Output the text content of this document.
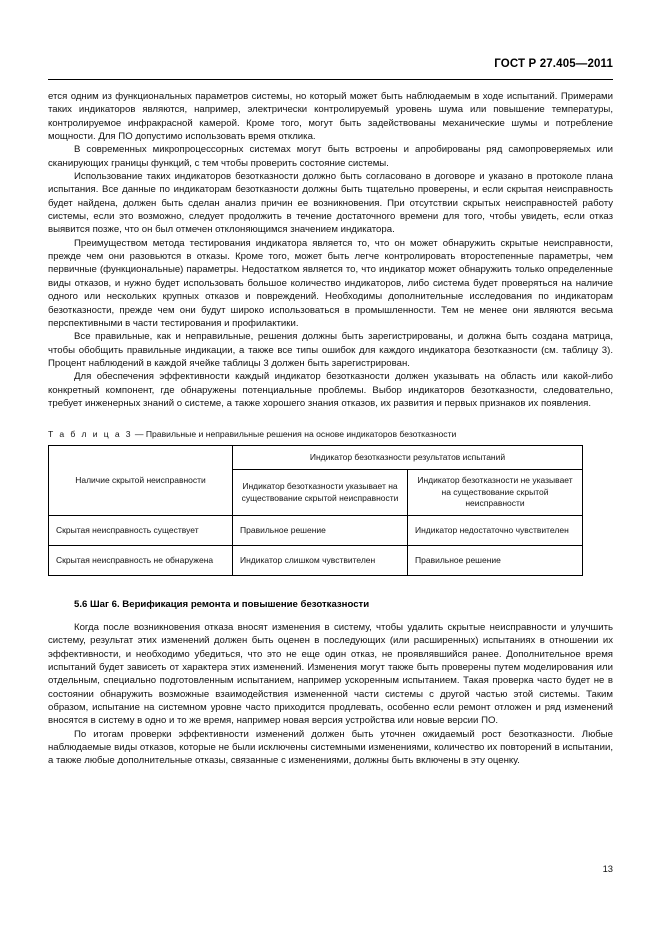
ГОСТ Р 27.405—2011

ется одним из функциональных параметров системы, но который может быть наблюдаемым в ходе испытаний. Примерами таких индикаторов являются, например, электрически контролируемый уровень шума или повышение температуры, контролируемое инфракрасной камерой. Кроме того, могут быть задействованы механические шумы и потребление мощности. Для ПО допустимо использовать время отклика.

В современных микропроцессорных системах могут быть встроены и апробированы ряд самопроверяемых или сканирующих границы функций, с тем чтобы проверить состояние системы.

Использование таких индикаторов безотказности должно быть согласовано в договоре и указано в протоколе плана испытания. Все данные по индикаторам безотказности должны быть тщательно проверены, и если скрытая неисправность будет найдена, должен быть сделан анализ причин ее возникновения. При отсутствии скрытых неисправностей работу системы, если это возможно, следует продолжить в течение достаточного времени для того, чтобы увидеть, если отказ выявится позже, что он был отмечен отклоняющимся значением индикатора.

Преимуществом метода тестирования индикатора является то, что он может обнаружить скрытые неисправности, прежде чем они разовьются в отказы. Кроме того, может быть легче контролировать второстепенные параметры, чем первичные (функциональные) параметры. Недостатком является то, что индикатор может обнаружить только определенные виды отказов, и нужно будет использовать большое количество индикаторов, либо система будет проверяться на наличие одного или нескольких крупных отказов и повреждений. Необходимы дополнительные исследования по индикаторам безотказности, прежде чем они будут широко использоваться в промышленности. Тем не менее они являются весьма перспективными в части тестирования и профилактики.

Все правильные, как и неправильные, решения должны быть зарегистрированы, и должна быть создана матрица, чтобы обобщить правильные индикации, а также все типы ошибок для каждого индикатора безотказности (см. таблицу 3). Процент наблюдений в каждой ячейке таблицы 3 должен быть зарегистрирован.

Для обеспечения эффективности каждый индикатор безотказности должен указывать на область или какой-либо конкретный компонент, где обнаружены потенциальные проблемы. Выбор индикаторов безотказности, следовательно, требует инженерных знаний о системе, а также хорошего знания отказов, их развития и первых признаков их появления.

Т а б л и ц а 3 — Правильные и неправильные решения на основе индикаторов безотказности
Наличие скрытой неисправности	Индикатор безотказности результатов испытаний	
	Индикатор безотказности указывает на существование скрытой неисправности	Индикатор безотказности не указывает на существование скрытой неисправности
Скрытая неисправность существует	Правильное решение	Индикатор недостаточно чувствителен
Скрытая неисправность не обнаружена	Индикатор слишком чувствителен	Правильное решение
5.6 Шаг 6. Верификация ремонта и повышение безотказности

Когда после возникновения отказа вносят изменения в систему, чтобы удалить скрытые неисправности и улучшить систему, результат этих изменений должен быть оценен в последующих (или расширенных) испытаниях в отношении их эффективности, и необходимо убедиться, что это не еще один отказ, не проявлявшийся ранее. Дополнительное время испытаний будет зависеть от характера этих изменений. Изменения могут также быть проверены путем моделирования или отдельным, специально подготовленным испытанием, например ускоренным испытанием. Такая проверка часто будет не в состоянии обнаружить возможные взаимодействия измененной части системы с другой частью этой системы. Таким образом, испытание на системном уровне часто приходится продлевать, особенно если ремонт отложен и ряд изменений вносятся в систему в одно и то же время, например новая версия устройства или новые версии ПО.

По итогам проверки эффективности изменений должен быть уточнен ожидаемый рост безотказности. Любые наблюдаемые виды отказов, которые не были исключены системными изменениями, количество их повторений в испытании, а также любые дополнительные отказы, связанные с изменениями, должны быть включены в эту оценку.

13
